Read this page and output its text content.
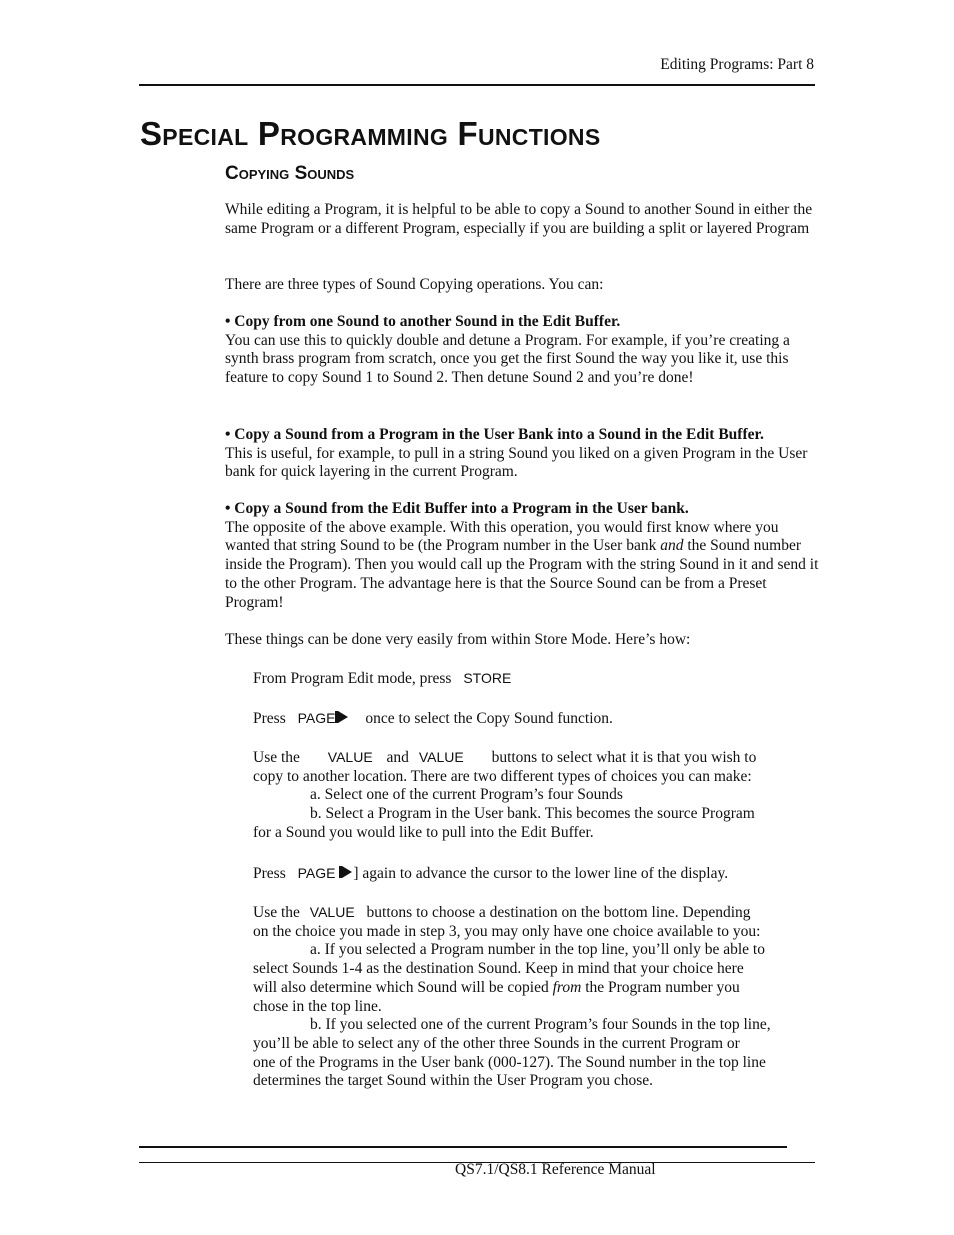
Editing Programs: Part 8
Special Programming Functions
Copying Sounds

While editing a Program, it is helpful to be able to copy a Sound to another Sound in either the same Program or a different Program, especially if you are building a split or layered Program

There are three types of Sound Copying operations. You can:

• Copy from one Sound to another Sound in the Edit Buffer.
You can use this to quickly double and detune a Program. For example, if you’re creating a synth brass program from scratch, once you get the first Sound the way you like it, use this feature to copy Sound 1 to Sound 2. Then detune Sound 2 and you’re done!
• Copy a Sound from a Program in the User Bank into a Sound in the Edit Buffer.
This is useful, for example, to pull in a string Sound you liked on a given Program in the User bank for quick layering in the current Program.
• Copy a Sound from the Edit Buffer into a Program in the User bank.
The opposite of the above example. With this operation, you would first know where you wanted that string Sound to be (the Program number in the User bank and the Sound number inside the Program). Then you would call up the Program with the string Sound in it and send it to the other Program. The advantage here is that the Source Sound can be from a Preset Program!

These things can be done very easily from within Store Mode. Here’s how:

From Program Edit mode, press STORE
Press PAGE once to select the Copy Sound function.
Use the VALUE and VALUE buttons to select what it is that you wish to
copy to another location. There are two different types of choices you can make:
a. Select one of the current Program’s four Sounds
b. Select a Program in the User bank. This becomes the source Program
for a Sound you would like to pull into the Edit Buffer.
Press PAGE ] again to advance the cursor to the lower line of the display.
Use the VALUE buttons to choose a destination on the bottom line. Depending
on the choice you made in step 3, you may only have one choice available to you:
a. If you selected a Program number in the top line, you’ll only be able to
select Sounds 1-4 as the destination Sound. Keep in mind that your choice here
will also determine which Sound will be copied from the Program number you
chose in the top line.
b. If you selected one of the current Program’s four Sounds in the top line,
you’ll be able to select any of the other three Sounds in the current Program or
one of the Programs in the User bank (000-127). The Sound number in the top line
determines the target Sound within the User Program you chose.
QS7.1/QS8.1 Reference Manual
